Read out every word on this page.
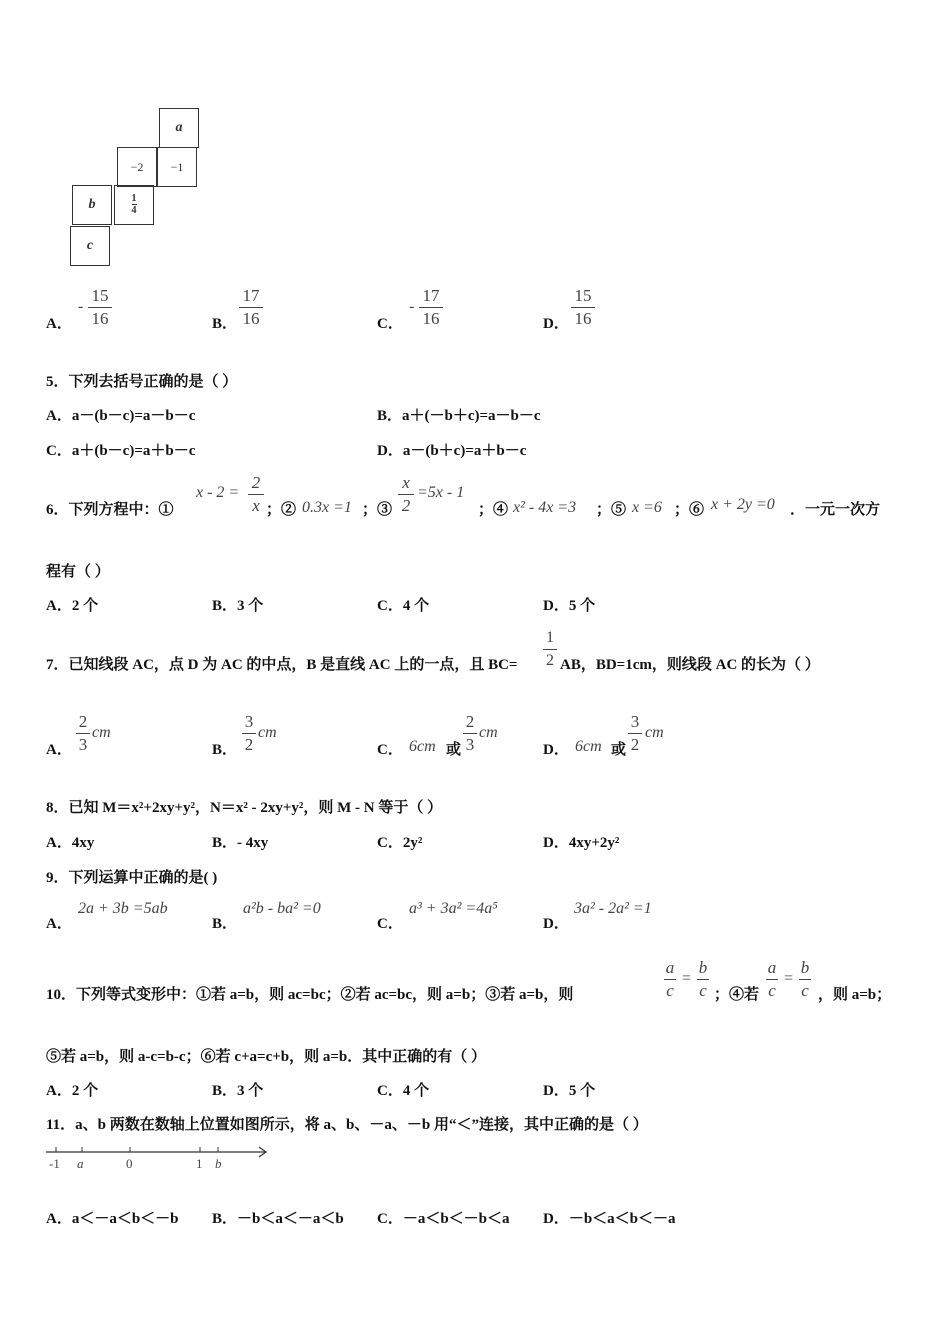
a
−2	−1
b	1
4
c
A．
-
15
16	B．
17
16	C．
-
17
16	D．
15
16
5．下列去括号正确的是（ ）
A．a－(b－c)=a－b－c	B．a＋(－b＋c)=a－b－c
C．a＋(b－c)=a＋b－c	D．a－(b＋c)=a＋b－c
6．下列方程中：①
x - 2 =
2
x ；② 0.3x =1 ；③
x
2
=5x - 1
；④ x² - 4x =3 ；⑤ x =6 ；⑥ x + 2y =0 ．一元一次方
程有（ ）
A．2 个	B．3 个	C．4 个	D．5 个
7．已知线段 AC，点 D 为 AC 的中点，B 是直线 AC 上的一点，且 BC=
1
2 AB，BD=1cm，则线段 AC 的长为（ ）
A．
2
3
cm
B．
3
2
cm
C． 6cm 或
2
3
cm
D． 6cm 或
3
2
cm
8．已知 M＝x²+2xy+y²，N＝x² - 2xy+y²，则 M - N 等于（ ）
A．4xy	B．- 4xy	C．2y²	D．4xy+2y²
9．下列运算中正确的是( )
A．
2a + 3b =5ab
B．
a²b - ba² =0
C．
a³ + 3a² =4a⁵
D．
3a² - 2a² =1
10．下列等式变形中：①若 a=b，则 ac=bc；②若 ac=bc，则 a=b；③若 a=b，则
a
c
=
b
c ；④若
a
c
=
b
c ，则 a=b；
⑤若 a=b，则 a-c=b-c；⑥若 c+a=c+b，则 a=b．其中正确的有（ ）
A．2 个	B．3 个	C．4 个	D．5 个
11．a、b 两数在数轴上位置如图所示，将 a、b、－a、－b 用“＜”连接，其中正确的是（ ）
-1 a	0	1 b
A．a＜－a＜b＜－b B．－b＜a＜－a＜b C．－a＜b＜－b＜a D．－b＜a＜b＜－a
